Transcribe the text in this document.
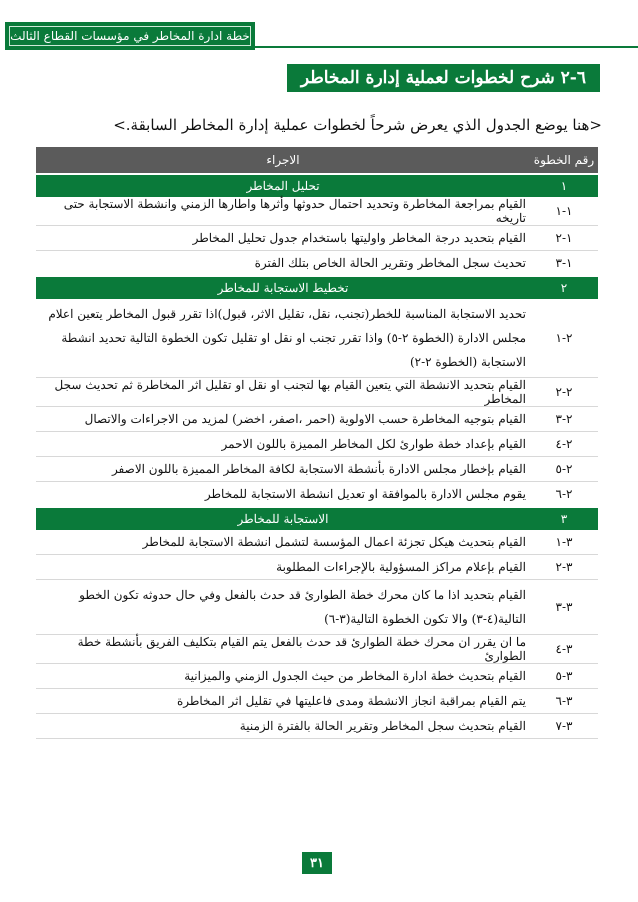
خطة ادارة المخاطر في مؤسسات القطاع الثالث
٦-٢ شرح لخطوات لعملية إدارة المخاطر
<هنا يوضع الجدول الذي يعرض شرحاً لخطوات عملية إدارة المخاطر السابقة.>
رقم الخطوة	الاجراء
١	تحليل المخاطر
١-١	القيام بمراجعة المخاطرة وتحديد احتمال حدوثها وأثرها واطارها الزمني وانشطة الاستجابة حتى تاريخه
١-٢	القيام بتحديد درجة المخاطر واوليتها باستخدام جدول تحليل المخاطر
١-٣	تحديث سجل المخاطر وتقرير الحالة الخاص بتلك الفترة
٢	تخطيط الاستجابة للمخاطر
٢-١	تحديد الاستجابة المناسبة للخطر(تجنب، نقل، تقليل الاثر، قبول)اذا تقرر قبول المخاطر يتعين اعلام مجلس الادارة (الخطوة ٢-٥) واذا تقرر تجنب او نقل او تقليل تكون الخطوة التالية تحديد انشطة الاستجابة (الخطوة ٢-٢)
٢-٢	القيام بتحديد الانشطة التي يتعين القيام بها لتجنب او نقل او تقليل اثر المخاطرة ثم تحديث سجل المخاطر
٢-٣	القيام بتوجيه المخاطرة حسب الاولوية (احمر ،اصفر، اخضر) لمزيد من الاجراءات والاتصال
٢-٤	القيام بإعداد خطة طوارئ لكل المخاطر المميزة باللون الاحمر
٢-٥	القيام بإخطار مجلس الادارة بأنشطة الاستجابة لكافة المخاطر المميزة باللون الاصفر
٢-٦	يقوم مجلس الادارة بالموافقة او تعديل انشطة الاستجابة للمخاطر
٣	الاستجابة للمخاطر
٣-١	القيام بتحديث هيكل تجزئة اعمال المؤسسة لتشمل انشطة الاستجابة للمخاطر
٣-٢	القيام بإعلام مراكز المسؤولية بالإجراءات المطلوبة
٣-٣	القيام بتحديد اذا ما كان محرك خطة الطوارئ قد حدث بالفعل وفي حال حدوثه تكون الخطو التالية(٤-٣) والا تكون الخطوة التالية(٣-٦)
٣-٤	ما ان يقرر ان محرك خطة الطوارئ قد حدث بالفعل يتم القيام بتكليف الفريق بأنشطة خطة الطوارئ
٣-٥	القيام بتحديث خطة ادارة المخاطر من حيث الجدول الزمني والميزانية
٣-٦	يتم القيام بمراقبة انجاز الانشطة ومدى فاعليتها في تقليل اثر المخاطرة
٣-٧	القيام بتحديث سجل المخاطر وتقرير الحالة بالفترة الزمنية
٣١
